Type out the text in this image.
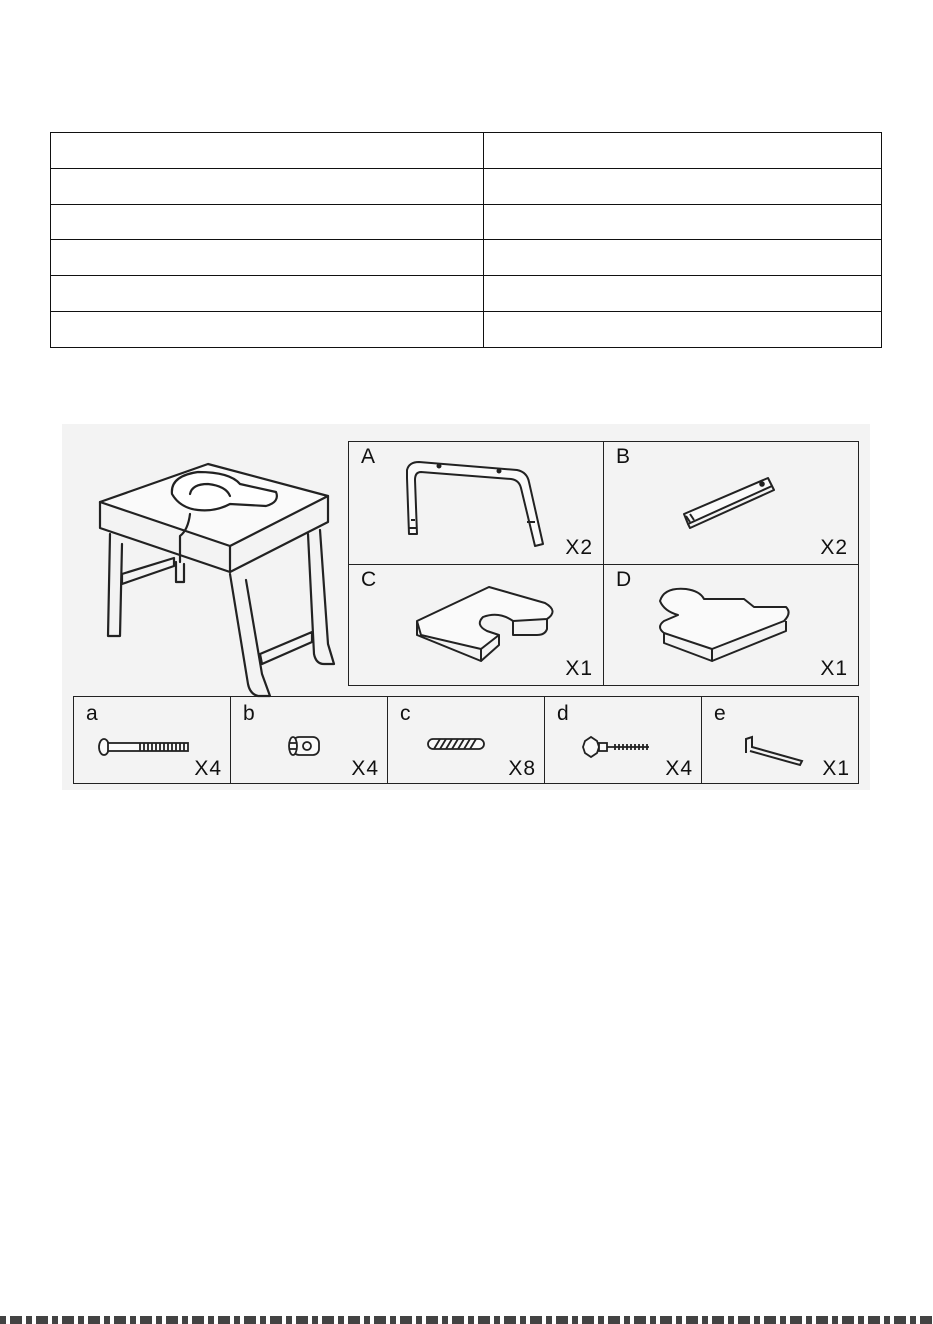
A
X2
B
X2
C
X1
D
X1
a
X4
b
X4
c
X8
d
X4
e
X1
